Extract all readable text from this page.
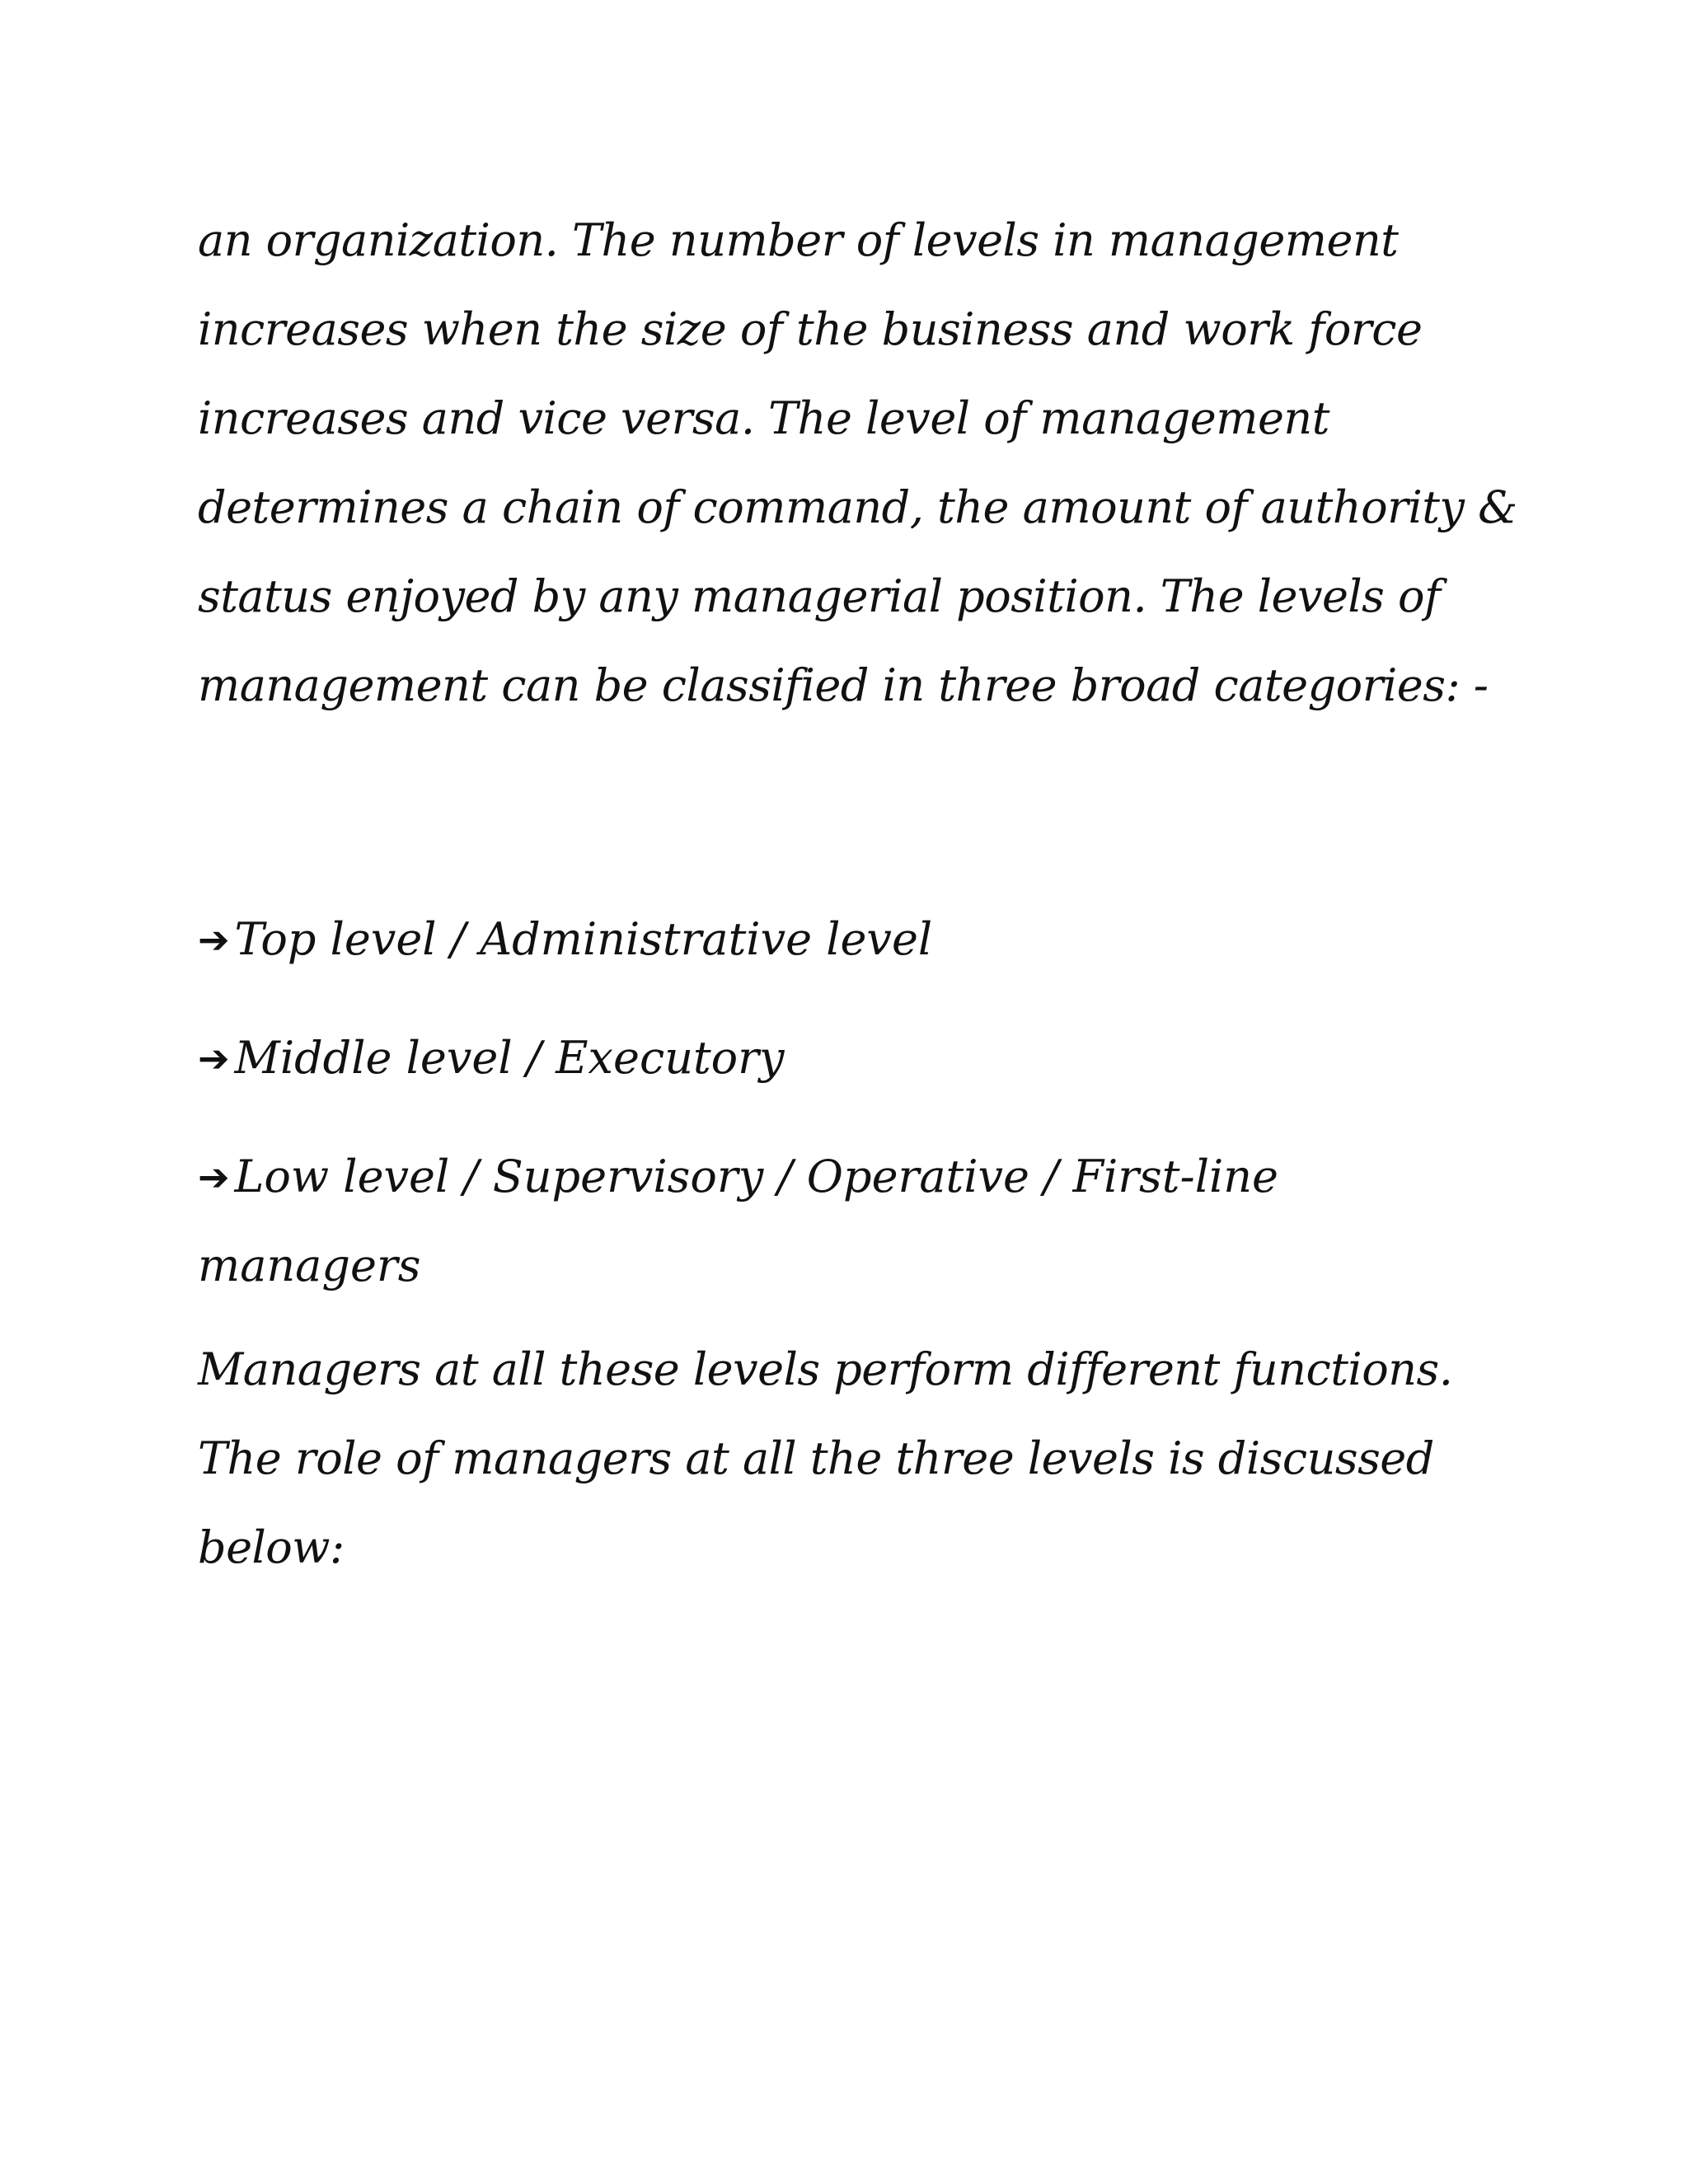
an organization. The number of levels in management increases when the size of the business and work force increases and vice versa. The level of management determines a chain of command, the amount of authority & status enjoyed by any managerial position. The levels of management can be classified in three broad categories: -

➔ Top level / Administrative level

➔ Middle level / Executory

➔ Low level / Supervisory / Operative / First-line managers

Managers at all these levels perform different functions. The role of managers at all the three levels is discussed below:
